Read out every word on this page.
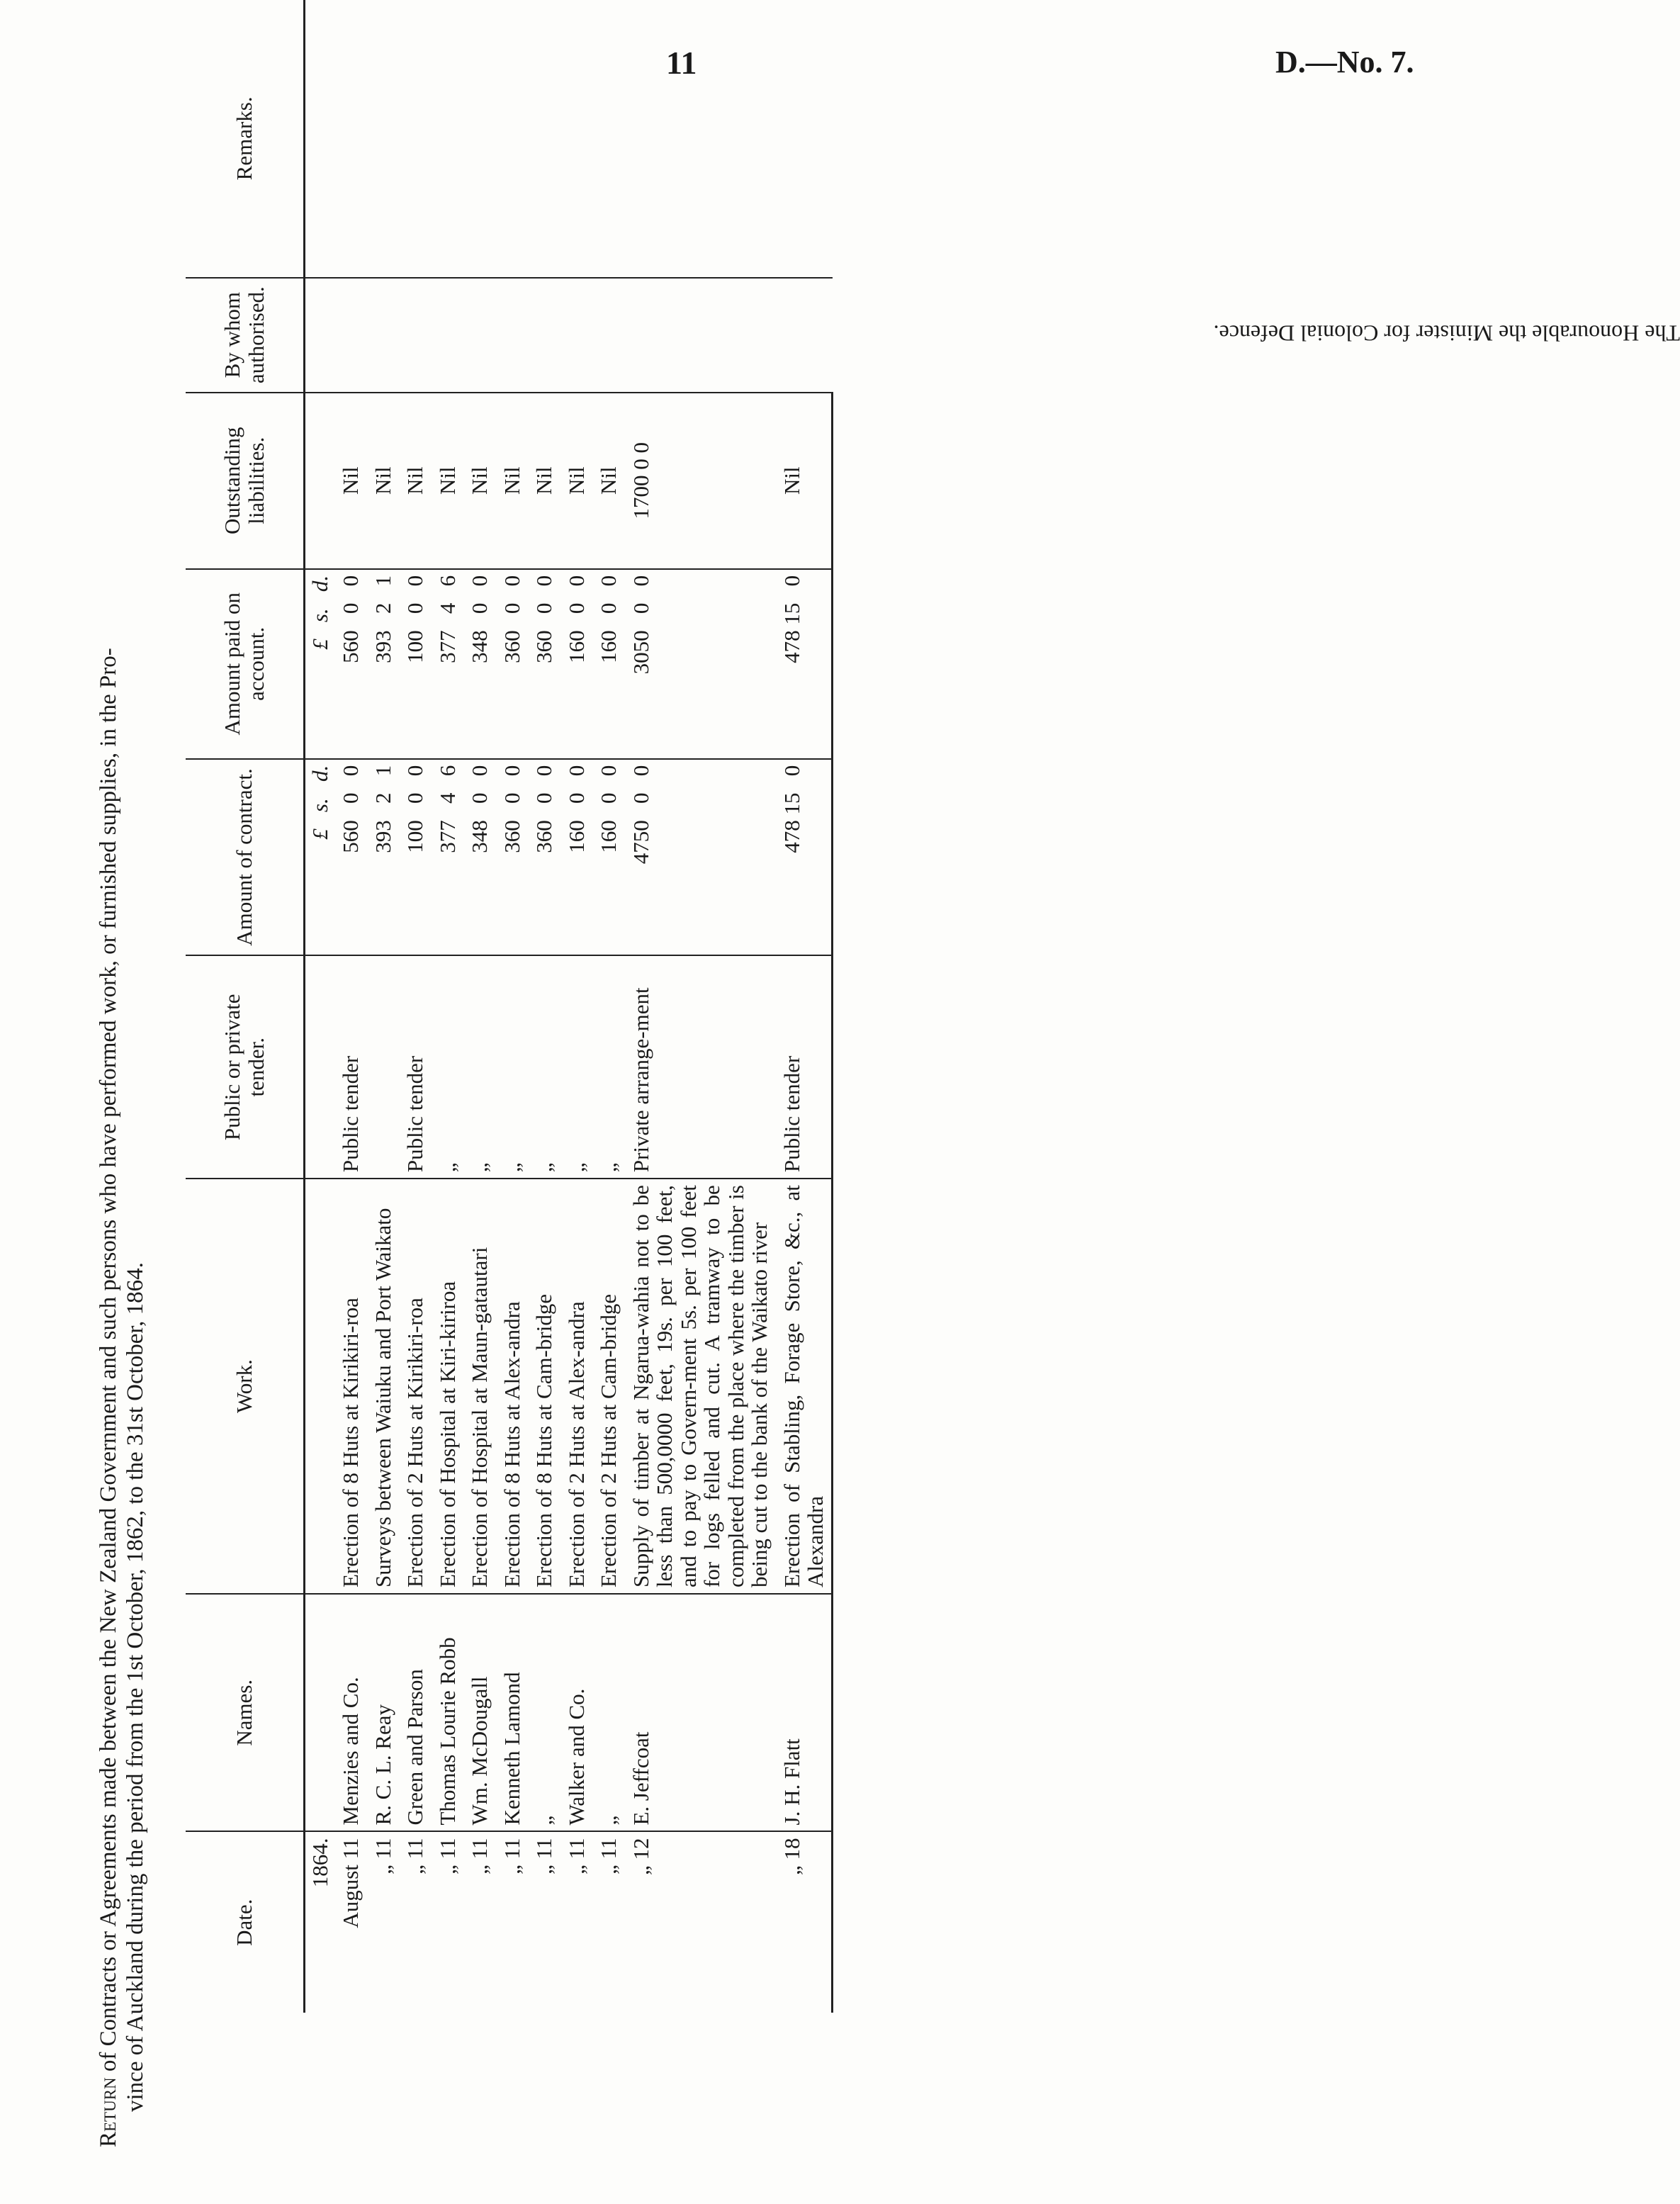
11	D.—No. 7.
Return of Contracts or Agreements made between the New Zealand Government and such persons who have performed work, or furnished supplies, in the Pro- vince of Auckland during the period from the 1st October, 1862, to the 31st October, 1864.	Date.	Names.	Work.	Public or private tender.	Amount of contract.	Amount paid on account.	Outstanding liabilities.	By whom authorised.	Remarks.
1864.				£   s.   d.	£   s.   d.		The Honourable the Minister for Colonial Defence.	

August 11	Menzies and Co.	Erection of 8 Huts at Kirikiri-roa	Public tender	560   0   0	560   0   0	Nil		
„ 11	R. C. L. Reay	Surveys between Waiuku and Port Waikato		393   2   1	393   2   1	Nil		
„ 11	Green and Parson	Erection of 2 Huts at Kirikiri-roa	Public tender	100   0   0	100   0   0	Nil		
„ 11	Thomas Lourie Robb	Erection of Hospital at Kiri-kiriroa	„	377   4   6	377   4   6	Nil		
„ 11	Wm. McDougall	Erection of Hospital at Maun-gatautari	„	348   0   0	348   0   0	Nil		
„ 11	Kenneth Lamond	Erection of 8 Huts at Alex-andra	„	360   0   0	360   0   0	Nil		
„ 11	„	Erection of 8 Huts at Cam-bridge	„	360   0   0	360   0   0	Nil		
„ 11	Walker and Co.	Erection of 2 Huts at Alex-andra	„	160   0   0	160   0   0	Nil		
„ 11	„	Erection of 2 Huts at Cam-bridge	„	160   0   0	160   0   0	Nil		
„ 12	E. Jeffcoat	Supply of timber at Ngarua-wahia not to be less than 500,0000 feet, 19s. per 100 feet, and to pay to Govern-ment 5s. per 100 feet for logs felled and cut. A tramway to be completed from the place where the timber is being cut to the bank of the Waikato river	Private arrange-ment	4750   0   0	3050   0   0	1700 0 0		
„ 18	J. H. Flatt	Erection of Stabling, Forage Store, &c., at Alexandra	Public tender	478 15   0	478 15   0	Nil		
